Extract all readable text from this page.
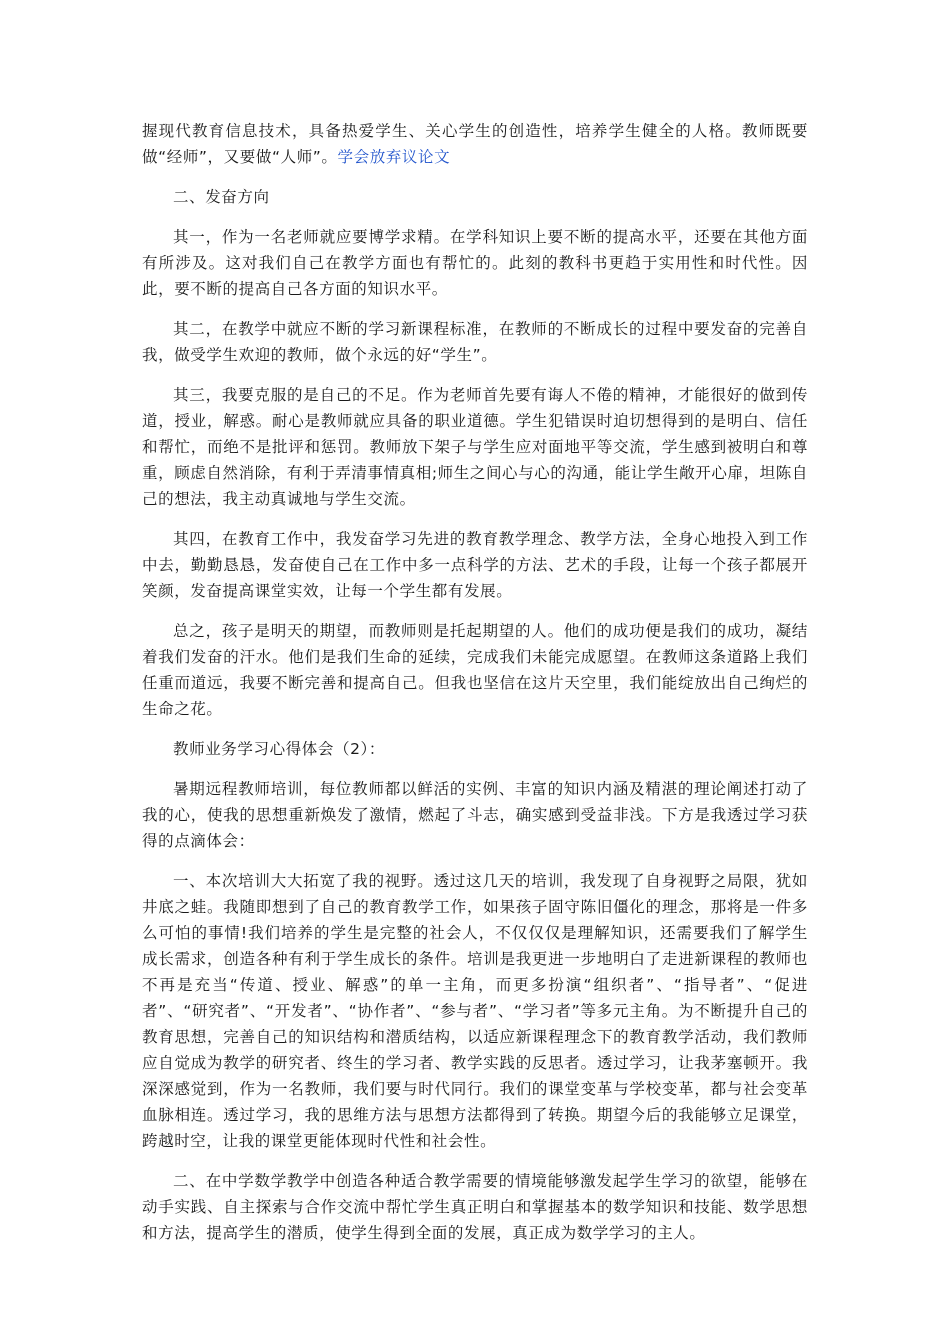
握现代教育信息技术，具备热爱学生、关心学生的创造性，培养学生健全的人格。教师既要做“经师”，又要做“人师”。学会放弃议论文

二、发奋方向

其一，作为一名老师就应要博学求精。在学科知识上要不断的提高水平，还要在其他方面有所涉及。这对我们自己在教学方面也有帮忙的。此刻的教科书更趋于实用性和时代性。因此，要不断的提高自己各方面的知识水平。

其二，在教学中就应不断的学习新课程标准，在教师的不断成长的过程中要发奋的完善自我，做受学生欢迎的教师，做个永远的好“学生”。

其三，我要克服的是自己的不足。作为老师首先要有诲人不倦的精神，才能很好的做到传道，授业，解惑。耐心是教师就应具备的职业道德。学生犯错误时迫切想得到的是明白、信任和帮忙，而绝不是批评和惩罚。教师放下架子与学生应对面地平等交流，学生感到被明白和尊重，顾虑自然消除，有利于弄清事情真相;师生之间心与心的沟通，能让学生敞开心扉，坦陈自己的想法，我主动真诚地与学生交流。

其四，在教育工作中，我发奋学习先进的教育教学理念、教学方法，全身心地投入到工作中去，勤勤恳恳，发奋使自己在工作中多一点科学的方法、艺术的手段，让每一个孩子都展开笑颜，发奋提高课堂实效，让每一个学生都有发展。

总之，孩子是明天的期望，而教师则是托起期望的人。他们的成功便是我们的成功，凝结着我们发奋的汗水。他们是我们生命的延续，完成我们未能完成愿望。在教师这条道路上我们任重而道远，我要不断完善和提高自己。但我也坚信在这片天空里，我们能绽放出自己绚烂的生命之花。

教师业务学习心得体会（2）：

暑期远程教师培训，每位教师都以鲜活的实例、丰富的知识内涵及精湛的理论阐述打动了我的心，使我的思想重新焕发了激情，燃起了斗志，确实感到受益非浅。下方是我透过学习获得的点滴体会：

一、本次培训大大拓宽了我的视野。透过这几天的培训，我发现了自身视野之局限，犹如井底之蛙。我随即想到了自己的教育教学工作，如果孩子固守陈旧僵化的理念，那将是一件多么可怕的事情!我们培养的学生是完整的社会人，不仅仅仅是理解知识，还需要我们了解学生成长需求，创造各种有利于学生成长的条件。培训是我更进一步地明白了走进新课程的教师也不再是充当“传道、授业、解惑”的单一主角，而更多扮演“组织者”、“指导者”、“促进者”、“研究者”、“开发者”、“协作者”、“参与者”、“学习者”等多元主角。为不断提升自己的教育思想，完善自己的知识结构和潜质结构，以适应新课程理念下的教育教学活动，我们教师应自觉成为教学的研究者、终生的学习者、教学实践的反思者。透过学习，让我茅塞顿开。我深深感觉到，作为一名教师，我们要与时代同行。我们的课堂变革与学校变革，都与社会变革血脉相连。透过学习，我的思维方法与思想方法都得到了转换。期望今后的我能够立足课堂，跨越时空，让我的课堂更能体现时代性和社会性。

二、在中学数学教学中创造各种适合教学需要的情境能够激发起学生学习的欲望，能够在动手实践、自主探索与合作交流中帮忙学生真正明白和掌握基本的数学知识和技能、数学思想和方法，提高学生的潜质，使学生得到全面的发展，真正成为数学学习的主人。
